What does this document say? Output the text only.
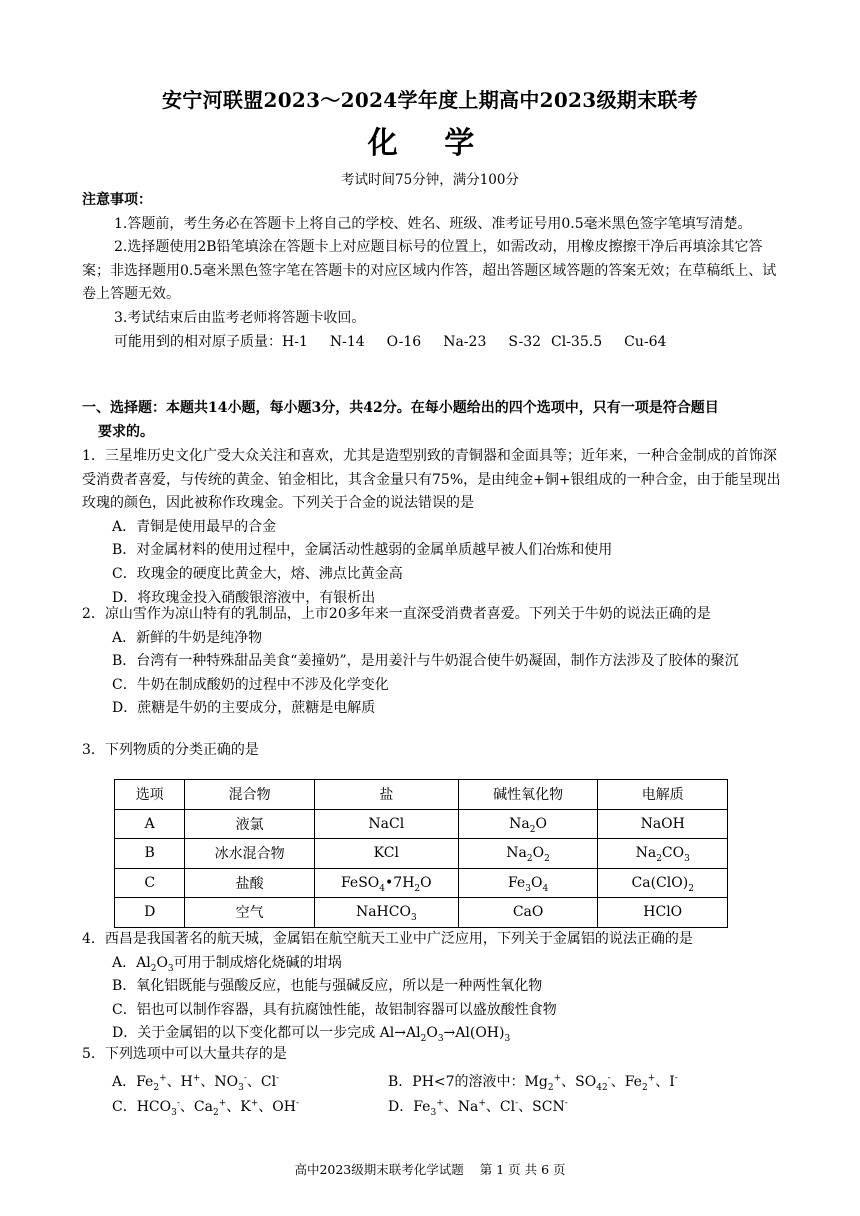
安宁河联盟2023～2024学年度上期高中2023级期末联考
化 学
考试时间75分钟，满分100分

注意事项：

1.答题前，考生务必在答题卡上将自己的学校、姓名、班级、准考证号用0.5毫米黑色签字笔填写清楚。

2.选择题使用2B铅笔填涂在答题卡上对应题目标号的位置上，如需改动，用橡皮擦擦干净后再填涂其它答案；非选择题用0.5毫米黑色签字笔在答题卡的对应区域内作答，超出答题区域答题的答案无效；在草稿纸上、试卷上答题无效。

3.考试结束后由监考老师将答题卡收回。

可能用到的相对原子质量：H-1 N-14 O-16 Na-23 S-32 Cl-35.5 Cu-64

一、选择题：本题共14小题，每小题3分，共42分。在每小题给出的四个选项中，只有一项是符合题目

要求的。

1．三星堆历史文化广受大众关注和喜欢，尤其是造型别致的青铜器和金面具等；近年来，一种合金制成的首饰深受消费者喜爱，与传统的黄金、铂金相比，其含金量只有75%，是由纯金+铜+银组成的一种合金，由于能呈现出玫瑰的颜色，因此被称作玫瑰金。下列关于合金的说法错误的是

A．青铜是使用最早的合金

B．对金属材料的使用过程中，金属活动性越弱的金属单质越早被人们冶炼和使用

C．玫瑰金的硬度比黄金大，熔、沸点比黄金高

D．将玫瑰金投入硝酸银溶液中，有银析出

2．凉山雪作为凉山特有的乳制品，上市20多年来一直深受消费者喜爱。下列关于牛奶的说法正确的是

A．新鲜的牛奶是纯净物

B．台湾有一种特殊甜品美食“姜撞奶”，是用姜汁与牛奶混合使牛奶凝固，制作方法涉及了胶体的聚沉

C．牛奶在制成酸奶的过程中不涉及化学变化

D．蔗糖是牛奶的主要成分，蔗糖是电解质

3．下列物质的分类正确的是

选项	混合物	盐	碱性氧化物	电解质
A	液氯	NaCl	$Na_2O$	NaOH
B	冰水混合物	KCl	$Na_2O_2$	$Na_2CO_3$
C	盐酸	$FeSO_4•7H_2O$	$Fe_3O_4$	$Ca(ClO)_2$
D	空气	NaHCO$_3$	CaO	HClO

4．西昌是我国著名的航天城，金属铝在航空航天工业中广泛应用，下列关于金属铝的说法正确的是

A．$Al_2O_3$可用于制成熔化烧碱的坩埚

B．氧化铝既能与强酸反应，也能与强碱反应，所以是一种两性氧化物

C．铝也可以制作容器，具有抗腐蚀性能，故铝制容器可以盛放酸性食物

D．关于金属铝的以下变化都可以一步完成 $Al\to Al_2O_3\to Al(OH)_3$

5．下列选项中可以大量共存的是

A．$Fe_2^+$、H+、$NO_3^-$、Cl-	B．PH<7的溶液中：$Mg_2^+$、$SO_{42}^-$、$Fe_2^+$、I-

C．$HCO_3^-$、$Ca_2^+$、K+、OH-	D．$Fe_3^+$、Na+、Cl-、SCN-

高中2023级期末联考化学试题 第 1 页 共 6 页
